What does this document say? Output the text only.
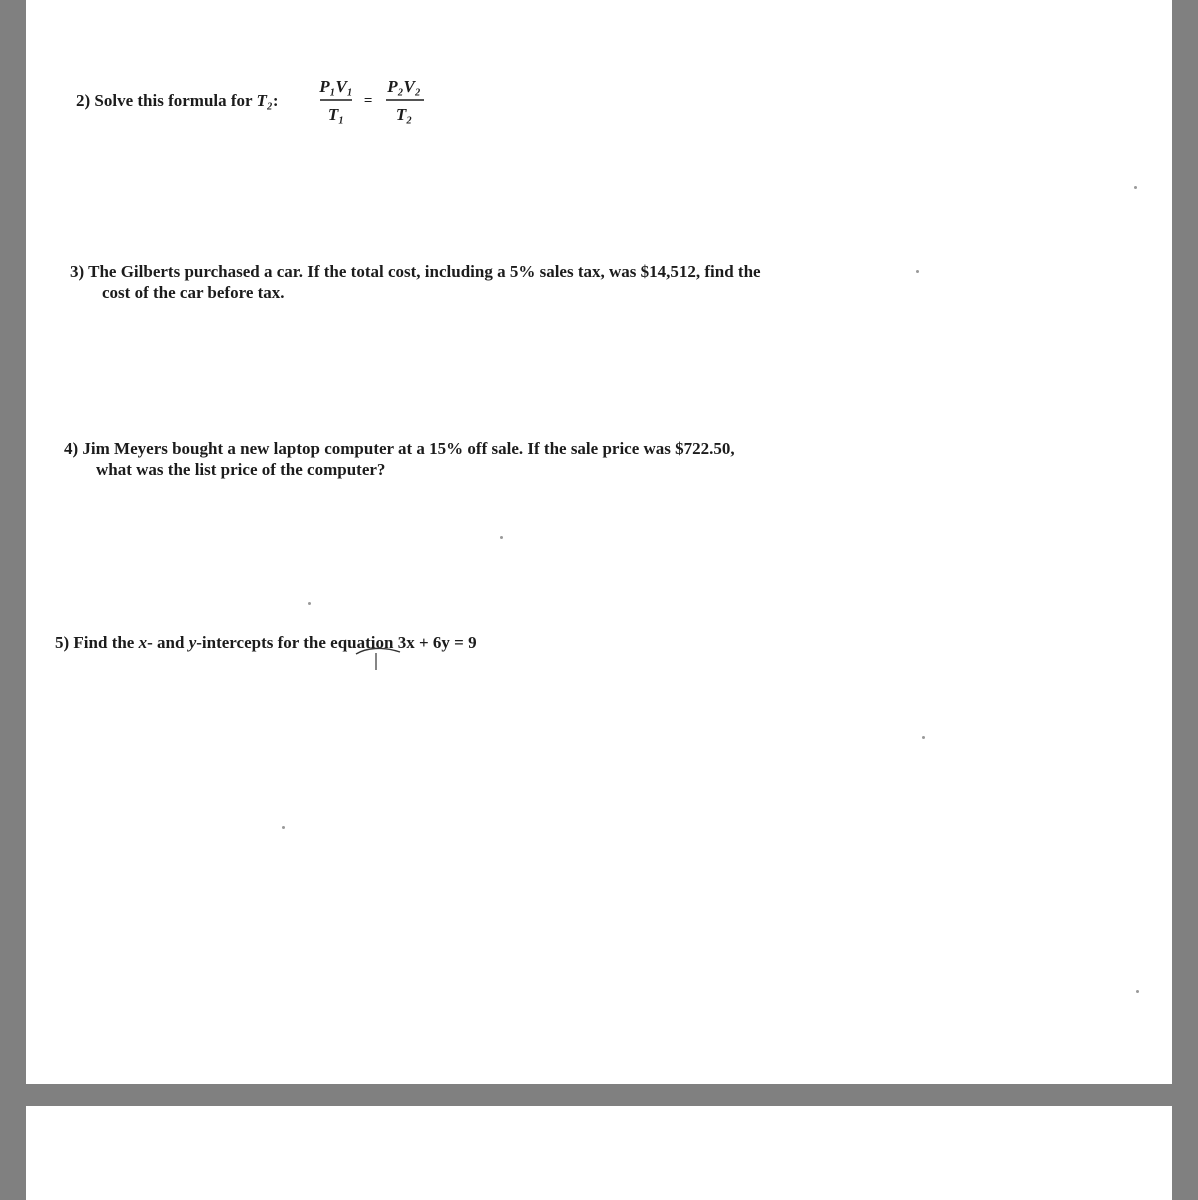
2) Solve this formula for T₂:
P₁V₁
T₁
=
P₂V₂
T₂
3) The Gilberts purchased a car. If the total cost, including a 5% sales tax, was $14,512, find the
cost of the car before tax.
4) Jim Meyers bought a new laptop computer at a 15% off sale. If the sale price was $722.50,
what was the list price of the computer?
5) Find the x- and y-intercepts for the equation 3x + 6y = 9
